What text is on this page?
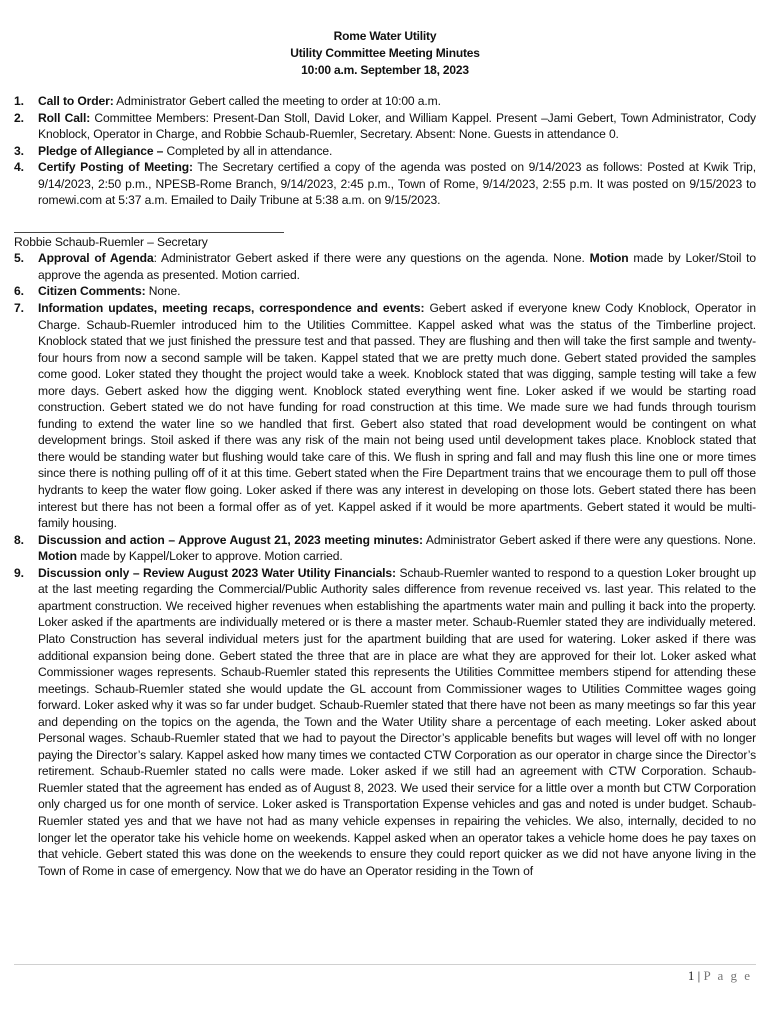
Rome Water Utility
Utility Committee Meeting Minutes
10:00 a.m. September 18, 2023
1. Call to Order: Administrator Gebert called the meeting to order at 10:00 a.m.
2. Roll Call: Committee Members: Present-Dan Stoll, David Loker, and William Kappel. Present –Jami Gebert, Town Administrator, Cody Knoblock, Operator in Charge, and Robbie Schaub-Ruemler, Secretary. Absent: None. Guests in attendance 0.
3. Pledge of Allegiance – Completed by all in attendance.
4. Certify Posting of Meeting: The Secretary certified a copy of the agenda was posted on 9/14/2023 as follows: Posted at Kwik Trip, 9/14/2023, 2:50 p.m., NPESB-Rome Branch, 9/14/2023, 2:45 p.m., Town of Rome, 9/14/2023, 2:55 p.m. It was posted on 9/15/2023 to romewi.com at 5:37 a.m. Emailed to Daily Tribune at 5:38 a.m. on 9/15/2023.
Robbie Schaub-Ruemler – Secretary
5. Approval of Agenda: Administrator Gebert asked if there were any questions on the agenda. None. Motion made by Loker/Stoil to approve the agenda as presented. Motion carried.
6. Citizen Comments: None.
7. Information updates, meeting recaps, correspondence and events: Gebert asked if everyone knew Cody Knoblock, Operator in Charge. Schaub-Ruemler introduced him to the Utilities Committee. Kappel asked what was the status of the Timberline project. Knoblock stated that we just finished the pressure test and that passed. They are flushing and then will take the first sample and twenty-four hours from now a second sample will be taken. Kappel stated that we are pretty much done. Gebert stated provided the samples come good. Loker stated they thought the project would take a week. Knoblock stated that was digging, sample testing will take a few more days. Gebert asked how the digging went. Knoblock stated everything went fine. Loker asked if we would be starting road construction. Gebert stated we do not have funding for road construction at this time. We made sure we had funds through tourism funding to extend the water line so we handled that first. Gebert also stated that road development would be contingent on what development brings. Stoil asked if there was any risk of the main not being used until development takes place. Knoblock stated that there would be standing water but flushing would take care of this. We flush in spring and fall and may flush this line one or more times since there is nothing pulling off of it at this time. Gebert stated when the Fire Department trains that we encourage them to pull off those hydrants to keep the water flow going. Loker asked if there was any interest in developing on those lots. Gebert stated there has been interest but there has not been a formal offer as of yet. Kappel asked if it would be more apartments. Gebert stated it would be multi-family housing.
8. Discussion and action – Approve August 21, 2023 meeting minutes: Administrator Gebert asked if there were any questions. None. Motion made by Kappel/Loker to approve. Motion carried.
9. Discussion only – Review August 2023 Water Utility Financials: Schaub-Ruemler wanted to respond to a question Loker brought up at the last meeting regarding the Commercial/Public Authority sales difference from revenue received vs. last year. This related to the apartment construction. We received higher revenues when establishing the apartments water main and pulling it back into the property. Loker asked if the apartments are individually metered or is there a master meter. Schaub-Ruemler stated they are individually metered. Plato Construction has several individual meters just for the apartment building that are used for watering. Loker asked if there was additional expansion being done. Gebert stated the three that are in place are what they are approved for their lot. Loker asked what Commissioner wages represents. Schaub-Ruemler stated this represents the Utilities Committee members stipend for attending these meetings. Schaub-Ruemler stated she would update the GL account from Commissioner wages to Utilities Committee wages going forward. Loker asked why it was so far under budget. Schaub-Ruemler stated that there have not been as many meetings so far this year and depending on the topics on the agenda, the Town and the Water Utility share a percentage of each meeting. Loker asked about Personal wages. Schaub-Ruemler stated that we had to payout the Director’s applicable benefits but wages will level off with no longer paying the Director’s salary. Kappel asked how many times we contacted CTW Corporation as our operator in charge since the Director’s retirement. Schaub-Ruemler stated no calls were made. Loker asked if we still had an agreement with CTW Corporation. Schaub-Ruemler stated that the agreement has ended as of August 8, 2023. We used their service for a little over a month but CTW Corporation only charged us for one month of service. Loker asked is Transportation Expense vehicles and gas and noted is under budget. Schaub-Ruemler stated yes and that we have not had as many vehicle expenses in repairing the vehicles. We also, internally, decided to no longer let the operator take his vehicle home on weekends. Kappel asked when an operator takes a vehicle home does he pay taxes on that vehicle. Gebert stated this was done on the weekends to ensure they could report quicker as we did not have anyone living in the Town of Rome in case of emergency. Now that we do have an Operator residing in the Town of
1 | P a g e
